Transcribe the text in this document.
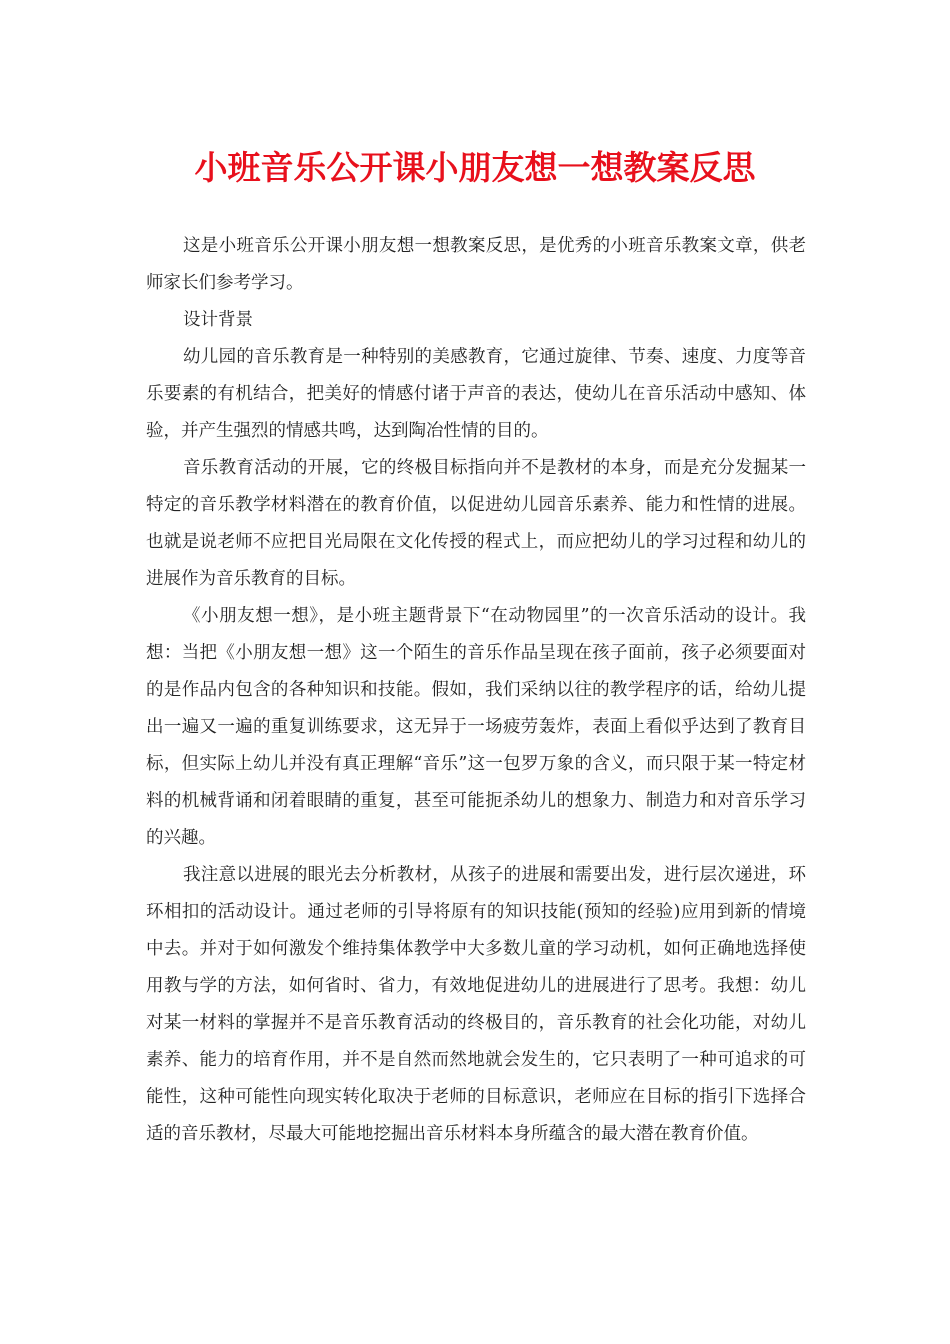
小班音乐公开课小朋友想一想教案反思

这是小班音乐公开课小朋友想一想教案反思，是优秀的小班音乐教案文章，供老师家长们参考学习。

设计背景

幼儿园的音乐教育是一种特别的美感教育，它通过旋律、节奏、速度、力度等音乐要素的有机结合，把美好的情感付诸于声音的表达，使幼儿在音乐活动中感知、体验，并产生强烈的情感共鸣，达到陶冶性情的目的。

音乐教育活动的开展，它的终极目标指向并不是教材的本身，而是充分发掘某一特定的音乐教学材料潜在的教育价值，以促进幼儿园音乐素养、能力和性情的进展。也就是说老师不应把目光局限在文化传授的程式上，而应把幼儿的学习过程和幼儿的进展作为音乐教育的目标。

《小朋友想一想》，是小班主题背景下“在动物园里”的一次音乐活动的设计。我想：当把《小朋友想一想》这一个陌生的音乐作品呈现在孩子面前，孩子必须要面对的是作品内包含的各种知识和技能。假如，我们采纳以往的教学程序的话，给幼儿提出一遍又一遍的重复训练要求，这无异于一场疲劳轰炸，表面上看似乎达到了教育目标，但实际上幼儿并没有真正理解“音乐”这一包罗万象的含义，而只限于某一特定材料的机械背诵和闭着眼睛的重复，甚至可能扼杀幼儿的想象力、制造力和对音乐学习的兴趣。

我注意以进展的眼光去分析教材，从孩子的进展和需要出发，进行层次递进，环环相扣的活动设计。通过老师的引导将原有的知识技能(预知的经验)应用到新的情境中去。并对于如何激发个维持集体教学中大多数儿童的学习动机，如何正确地选择使用教与学的方法，如何省时、省力，有效地促进幼儿的进展进行了思考。我想：幼儿对某一材料的掌握并不是音乐教育活动的终极目的，音乐教育的社会化功能，对幼儿素养、能力的培育作用，并不是自然而然地就会发生的，它只表明了一种可追求的可能性，这种可能性向现实转化取决于老师的目标意识，老师应在目标的指引下选择合适的音乐教材，尽最大可能地挖掘出音乐材料本身所蕴含的最大潜在教育价值。
